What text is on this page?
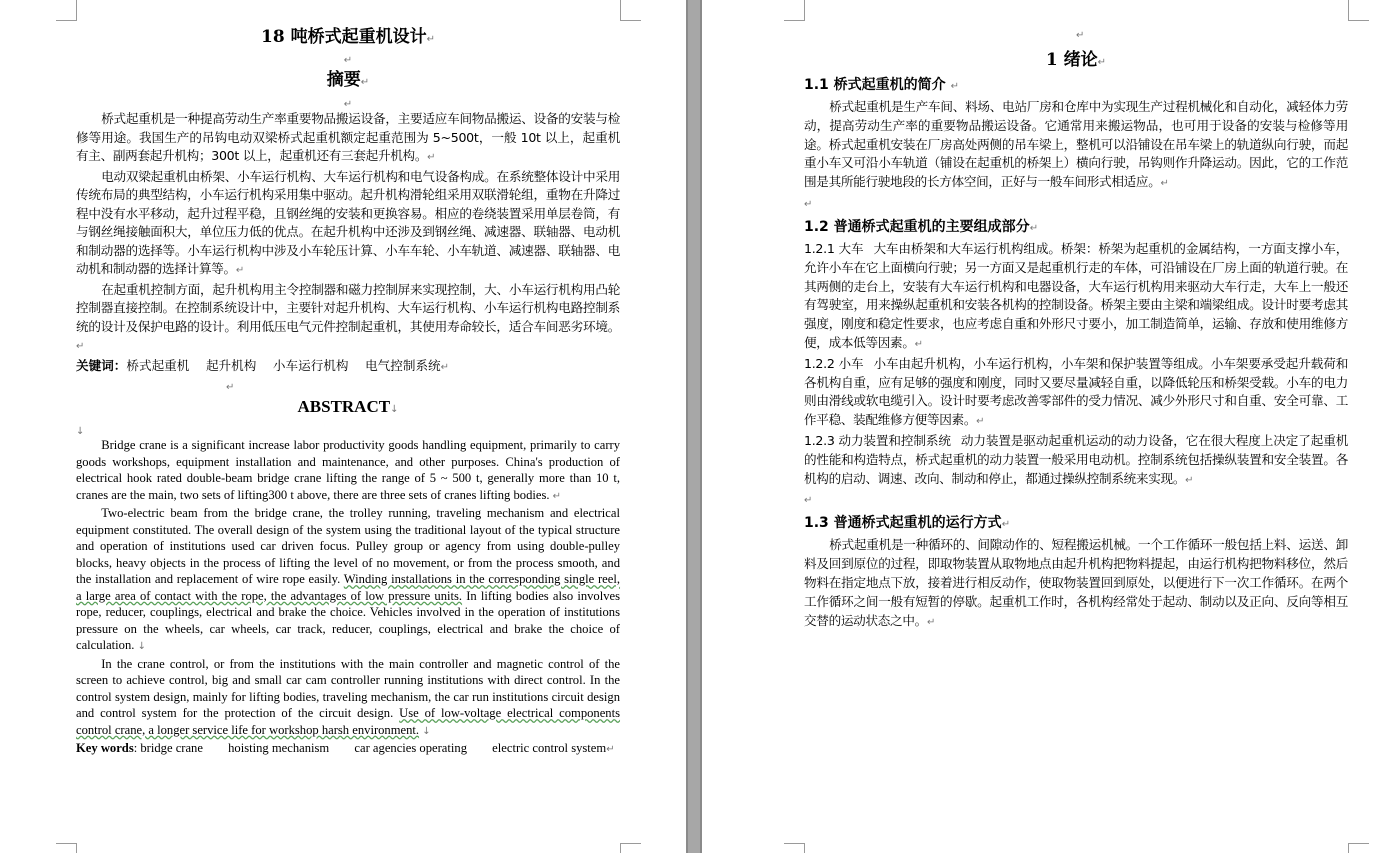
18 吨桥式起重机设计↵
↵
摘要↵
↵

桥式起重机是一种提高劳动生产率重要物品搬运设备，主要适应车间物品搬运、设备的安装与检修等用途。我国生产的吊钩电动双梁桥式起重机额定起重范围为 5~500t，一般 10t 以上，起重机有主、副两套起升机构；300t 以上，起重机还有三套起升机构。↵

电动双梁起重机由桥架、小车运行机构、大车运行机构和电气设备构成。在系统整体设计中采用传统布局的典型结构，小车运行机构采用集中驱动。起升机构滑轮组采用双联滑轮组，重物在升降过程中没有水平移动，起升过程平稳，且钢丝绳的安装和更换容易。相应的卷绕装置采用单层卷筒，有与钢丝绳接触面积大，单位压力低的优点。在起升机构中还涉及到钢丝绳、减速器、联轴器、电动机和制动器的选择等。小车运行机构中涉及小车轮压计算、小车车轮、小车轨道、减速器、联轴器、电动机和制动器的选择计算等。↵

在起重机控制方面，起升机构用主令控制器和磁力控制屏来实现控制，大、小车运行机构用凸轮控制器直接控制。在控制系统设计中，主要针对起升机构、大车运行机构、小车运行机构电路控制系统的设计及保护电路的设计。利用低压电气元件控制起重机，其使用寿命较长，适合车间恶劣环境。↵

关键词：桥式起重机　 起升机构　 小车运行机构　 电气控制系统↵

↵
ABSTRACT↓
↓

Bridge crane is a significant increase labor productivity goods handling equipment, primarily to carry goods workshops, equipment installation and maintenance, and other purposes. China's production of electrical hook rated double-beam bridge crane lifting the range of 5 ~ 500 t, generally more than 10 t, cranes are the main, two sets of lifting300 t above, there are three sets of cranes lifting bodies. ↵

Two-electric beam from the bridge crane, the trolley running, traveling mechanism and electrical equipment constituted. The overall design of the system using the traditional layout of the typical structure and operation of institutions used car driven focus. Pulley group or agency from using double-pulley blocks, heavy objects in the process of lifting the level of no movement, or from the process smooth, and the installation and replacement of wire rope easily. Winding installations in the corresponding single reel, a large area of contact with the rope, the advantages of low pressure units. In lifting bodies also involves rope, reducer, couplings, electrical and brake the choice. Vehicles involved in the operation of institutions pressure on the wheels, car wheels, car track, reducer, couplings, electrical and brake the choice of calculation. ↓

In the crane control, or from the institutions with the main controller and magnetic control of the screen to achieve control, big and small car cam controller running institutions with direct control. In the control system design, mainly for lifting bodies, traveling mechanism, the car run institutions circuit design and control system for the protection of the circuit design. Use of low-voltage electrical components control crane, a longer service life for workshop harsh environment. ↓

Key words: bridge crane　　hoisting mechanism　　car agencies operating　　electric control system↵

↵
1 绪论↵

1.1 桥式起重机的简介 ↵

桥式起重机是生产车间、料场、电站厂房和仓库中为实现生产过程机械化和自动化，减轻体力劳动，提高劳动生产率的重要物品搬运设备。它通常用来搬运物品，也可用于设备的安装与检修等用途。桥式起重机安装在厂房高处两侧的吊车梁上，整机可以沿铺设在吊车梁上的轨道纵向行驶，而起重小车又可沿小车轨道（铺设在起重机的桥架上）横向行驶，吊钩则作升降运动。因此，它的工作范围是其所能行驶地段的长方体空间，正好与一般车间形式相适应。↵

↵

1.2 普通桥式起重机的主要组成部分↵

1.2.1 大车 大车由桥架和大车运行机构组成。桥架：桥架为起重机的金属结构，一方面支撑小车，允许小车在它上面横向行驶；另一方面又是起重机行走的车体，可沿铺设在厂房上面的轨道行驶。在其两侧的走台上，安装有大车运行机构和电器设备，大车运行机构用来驱动大车行走，大车上一般还有驾驶室，用来操纵起重机和安装各机构的控制设备。桥架主要由主梁和端梁组成。设计时要考虑其强度，刚度和稳定性要求，也应考虑自重和外形尺寸要小，加工制造简单，运输、存放和使用维修方便，成本低等因素。↵

1.2.2 小车 小车由起升机构，小车运行机构，小车架和保护装置等组成。小车架要承受起升载荷和各机构自重，应有足够的强度和刚度，同时又要尽量减轻自重，以降低轮压和桥架受载。小车的电力则由滑线或软电缆引入。设计时要考虑改善零部件的受力情况、减少外形尺寸和自重、安全可靠、工作平稳、装配维修方便等因素。↵

1.2.3 动力装置和控制系统 动力装置是驱动起重机运动的动力设备，它在很大程度上决定了起重机的性能和构造特点，桥式起重机的动力装置一般采用电动机。控制系统包括操纵装置和安全装置。各机构的启动、调速、改向、制动和停止，都通过操纵控制系统来实现。↵

↵

1.3 普通桥式起重机的运行方式↵

桥式起重机是一种循环的、间隙动作的、短程搬运机械。一个工作循环一般包括上料、运送、卸料及回到原位的过程，即取物装置从取物地点由起升机构把物料提起，由运行机构把物料移位，然后物料在指定地点下放，接着进行相反动作，使取物装置回到原处，以便进行下一次工作循环。在两个工作循环之间一般有短暂的停歇。起重机工作时，各机构经常处于起动、制动以及正向、反向等相互交替的运动状态之中。↵
